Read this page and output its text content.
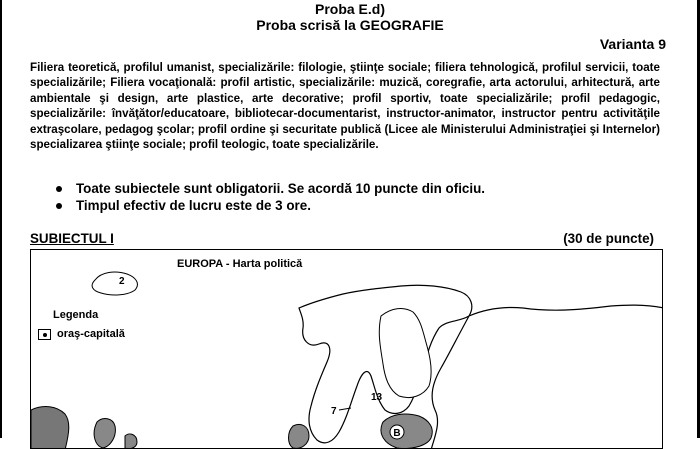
Proba E.d)
Proba scrisă la GEOGRAFIE
Varianta 9
Filiera teoretică, profilul umanist, specializările: filologie, ştiinţe sociale; filiera tehnologică, profilul servicii, toate specializările; Filiera vocaţională: profil artistic, specializările: muzică, coregrafie, arta actorului, arhitectură, arte ambientale şi design, arte plastice, arte decorative; profil sportiv, toate specializările; profil pedagogic, specializările: învăţător/educatoare, bibliotecar-documentarist, instructor-animator, instructor pentru activităţile extraşcolare, pedagog şcolar; profil ordine şi securitate publică (Licee ale Ministerului Administraţiei şi Internelor) specializarea ştiinţe sociale; profil teologic, toate specializările.
Toate subiectele sunt obligatorii. Se acordă 10 puncte din oficiu.
Timpul efectiv de lucru este de 3 ore.
SUBIECTUL I	(30 de puncte)
B
2
7
13
EUROPA - Harta politică
Legenda
oraş-capitală
